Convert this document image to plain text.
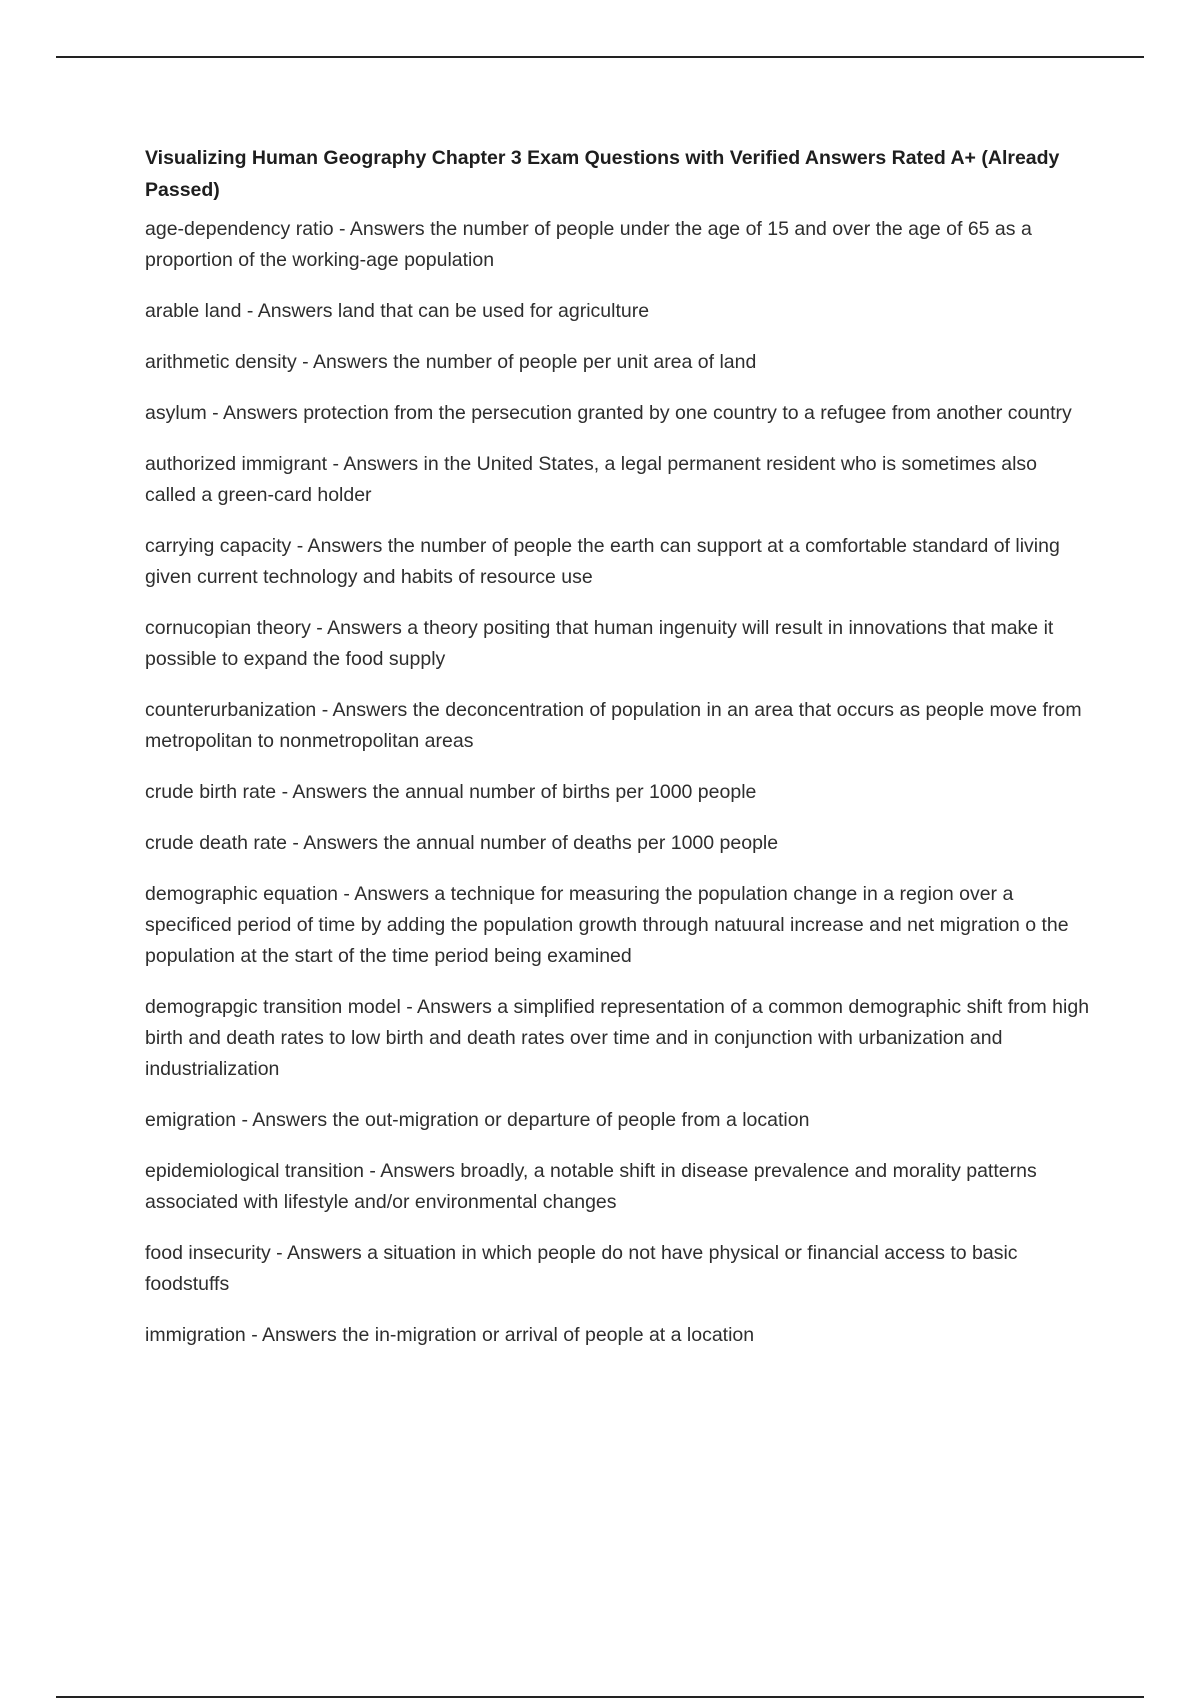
Visualizing Human Geography Chapter 3 Exam Questions with Verified Answers Rated A+ (Already Passed)

age-dependency ratio - Answers the number of people under the age of 15 and over the age of 65 as a proportion of the working-age population

arable land - Answers land that can be used for agriculture

arithmetic density - Answers the number of people per unit area of land

asylum - Answers protection from the persecution granted by one country to a refugee from another country

authorized immigrant - Answers in the United States, a legal permanent resident who is sometimes also called a green-card holder

carrying capacity - Answers the number of people the earth can support at a comfortable standard of living given current technology and habits of resource use

cornucopian theory - Answers a theory positing that human ingenuity will result in innovations that make it possible to expand the food supply

counterurbanization - Answers the deconcentration of population in an area that occurs as people move from metropolitan to nonmetropolitan areas

crude birth rate - Answers the annual number of births per 1000 people

crude death rate - Answers the annual number of deaths per 1000 people

demographic equation - Answers a technique for measuring the population change in a region over a specificed period of time by adding the population growth through natuural increase and net migration o the population at the start of the time period being examined

demograpgic transition model - Answers a simplified representation of a common demographic shift from high birth and death rates to low birth and death rates over time and in conjunction with urbanization and industrialization

emigration - Answers the out-migration or departure of people from a location

epidemiological transition - Answers broadly, a notable shift in disease prevalence and morality patterns associated with lifestyle and/or environmental changes

food insecurity - Answers a situation in which people do not have physical or financial access to basic foodstuffs

immigration - Answers the in-migration or arrival of people at a location
